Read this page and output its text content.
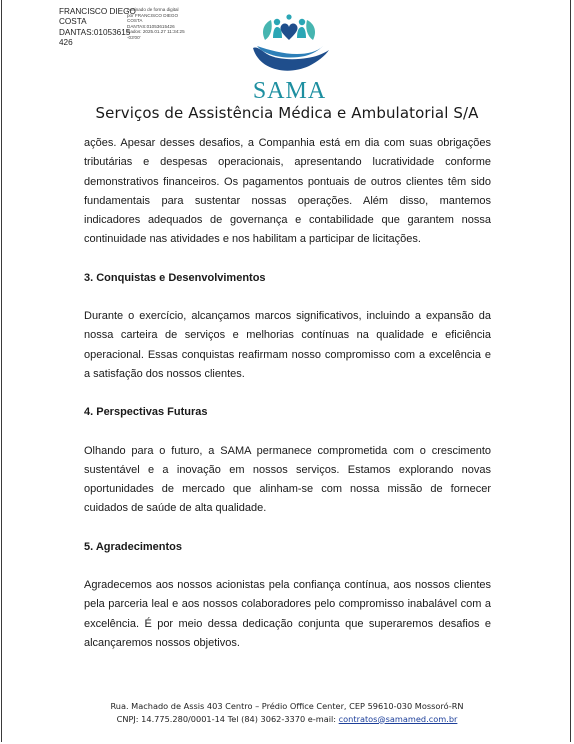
FRANCISCO DIEGO
COSTA
DANTAS:01053615
426
Assinado de forma digital
por FRANCISCO DIEGO
COSTA
DANTAS:01053615426
Dados: 2025.01.27 11:34:25
-03'00'
SAMA
Serviços de Assistência Médica e Ambulatorial S/A

ações. Apesar desses desafios, a Companhia está em dia com suas obrigações tributárias e despesas operacionais, apresentando lucratividade conforme demonstrativos financeiros. Os pagamentos pontuais de outros clientes têm sido fundamentais para sustentar nossas operações. Além disso, mantemos indicadores adequados de governança e contabilidade que garantem nossa continuidade nas atividades e nos habilitam a participar de licitações.

3. Conquistas e Desenvolvimentos

Durante o exercício, alcançamos marcos significativos, incluindo a expansão da nossa carteira de serviços e melhorias contínuas na qualidade e eficiência operacional. Essas conquistas reafirmam nosso compromisso com a excelência e a satisfação dos nossos clientes.

4. Perspectivas Futuras

Olhando para o futuro, a SAMA permanece comprometida com o crescimento sustentável e a inovação em nossos serviços. Estamos explorando novas oportunidades de mercado que alinham-se com nossa missão de fornecer cuidados de saúde de alta qualidade.

5. Agradecimentos

Agradecemos aos nossos acionistas pela confiança contínua, aos nossos clientes pela parceria leal e aos nossos colaboradores pelo compromisso inabalável com a excelência. É por meio dessa dedicação conjunta que superaremos desafios e alcançaremos nossos objetivos.

Rua. Machado de Assis 403 Centro – Prédio Office Center, CEP 59610-030 Mossoró-RN
CNPJ: 14.775.280/0001-14 Tel (84) 3062-3370 e-mail: contratos@samamed.com.br
